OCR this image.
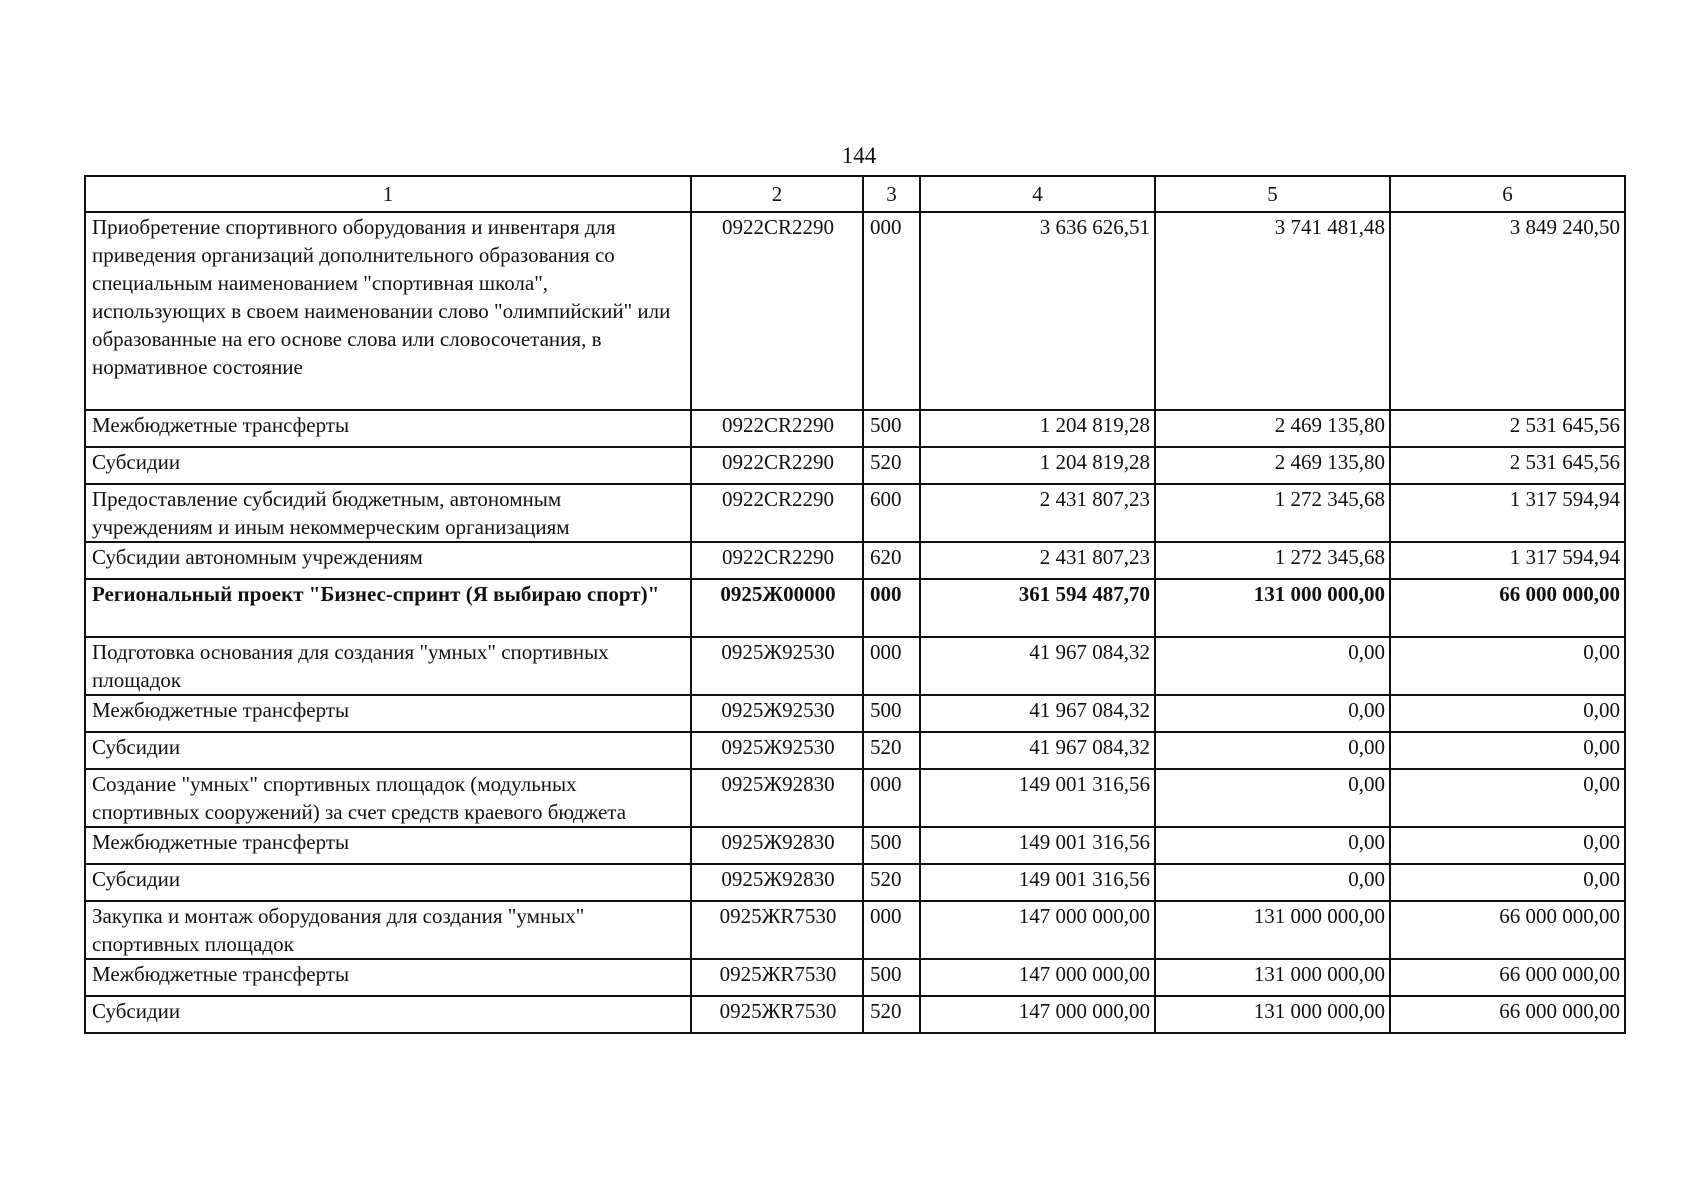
144
1	2	3	4	5	6
Приобретение спортивного оборудования и инвентаря для приведения организаций дополнительного образования со специальным наименованием "спортивная школа", использующих в своем наименовании слово "олимпийский" или образованные на его основе слова или словосочетания, в нормативное состояние	0922CR2290	000	3 636 626,51	3 741 481,48	3 849 240,50
Межбюджетные трансферты	0922CR2290	500	1 204 819,28	2 469 135,80	2 531 645,56
Субсидии	0922CR2290	520	1 204 819,28	2 469 135,80	2 531 645,56
Предоставление субсидий бюджетным, автономным учреждениям и иным некоммерческим организациям	0922CR2290	600	2 431 807,23	1 272 345,68	1 317 594,94
Субсидии автономным учреждениям	0922CR2290	620	2 431 807,23	1 272 345,68	1 317 594,94
Региональный проект "Бизнес-спринт (Я выбираю спорт)"	0925Ж00000	000	361 594 487,70	131 000 000,00	66 000 000,00
Подготовка основания для создания "умных" спортивных площадок	0925Ж92530	000	41 967 084,32	0,00	0,00
Межбюджетные трансферты	0925Ж92530	500	41 967 084,32	0,00	0,00
Субсидии	0925Ж92530	520	41 967 084,32	0,00	0,00
Создание "умных" спортивных площадок (модульных спортивных сооружений) за счет средств краевого бюджета	0925Ж92830	000	149 001 316,56	0,00	0,00
Межбюджетные трансферты	0925Ж92830	500	149 001 316,56	0,00	0,00
Субсидии	0925Ж92830	520	149 001 316,56	0,00	0,00
Закупка и монтаж оборудования для создания "умных" спортивных площадок	0925ЖR7530	000	147 000 000,00	131 000 000,00	66 000 000,00
Межбюджетные трансферты	0925ЖR7530	500	147 000 000,00	131 000 000,00	66 000 000,00
Субсидии	0925ЖR7530	520	147 000 000,00	131 000 000,00	66 000 000,00
